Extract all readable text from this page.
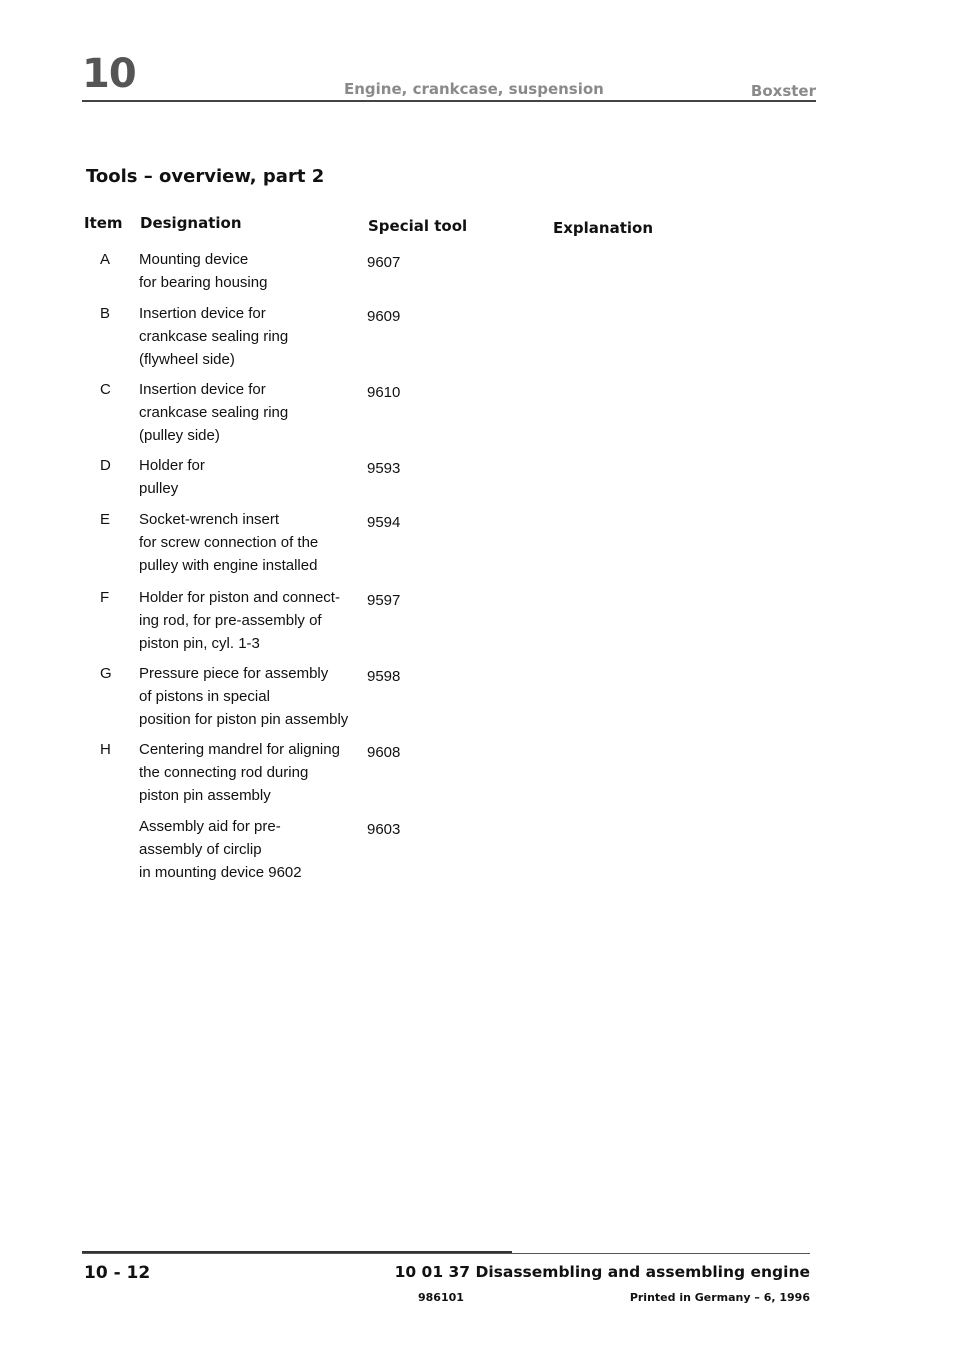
10	Engine, crankcase, suspension	Boxster
Tools – overview, part 2
Item Designation	Special tool	Explanation
A	Mounting device
for bearing housing
9607
B	Insertion device for
crankcase sealing ring
(flywheel side)
9609
C	Insertion device for
crankcase sealing ring
(pulley side)
9610
D	Holder for
pulley
9593
E	Socket-wrench insert
for screw connection of the
pulley with engine installed
9594
F	Holder for piston and connect-
ing rod, for pre-assembly of
piston pin, cyl. 1-3
9597
G Pressure piece for assembly
of pistons in special
position for piston pin assembly
9598
H	Centering mandrel for aligning
the connecting rod during
piston pin assembly
9608
Assembly aid for pre-
assembly of circlip
in mounting device 9602
9603
10 - 12	10 01 37 Disassembling and assembling engine
986101	Printed in Germany – 6, 1996
